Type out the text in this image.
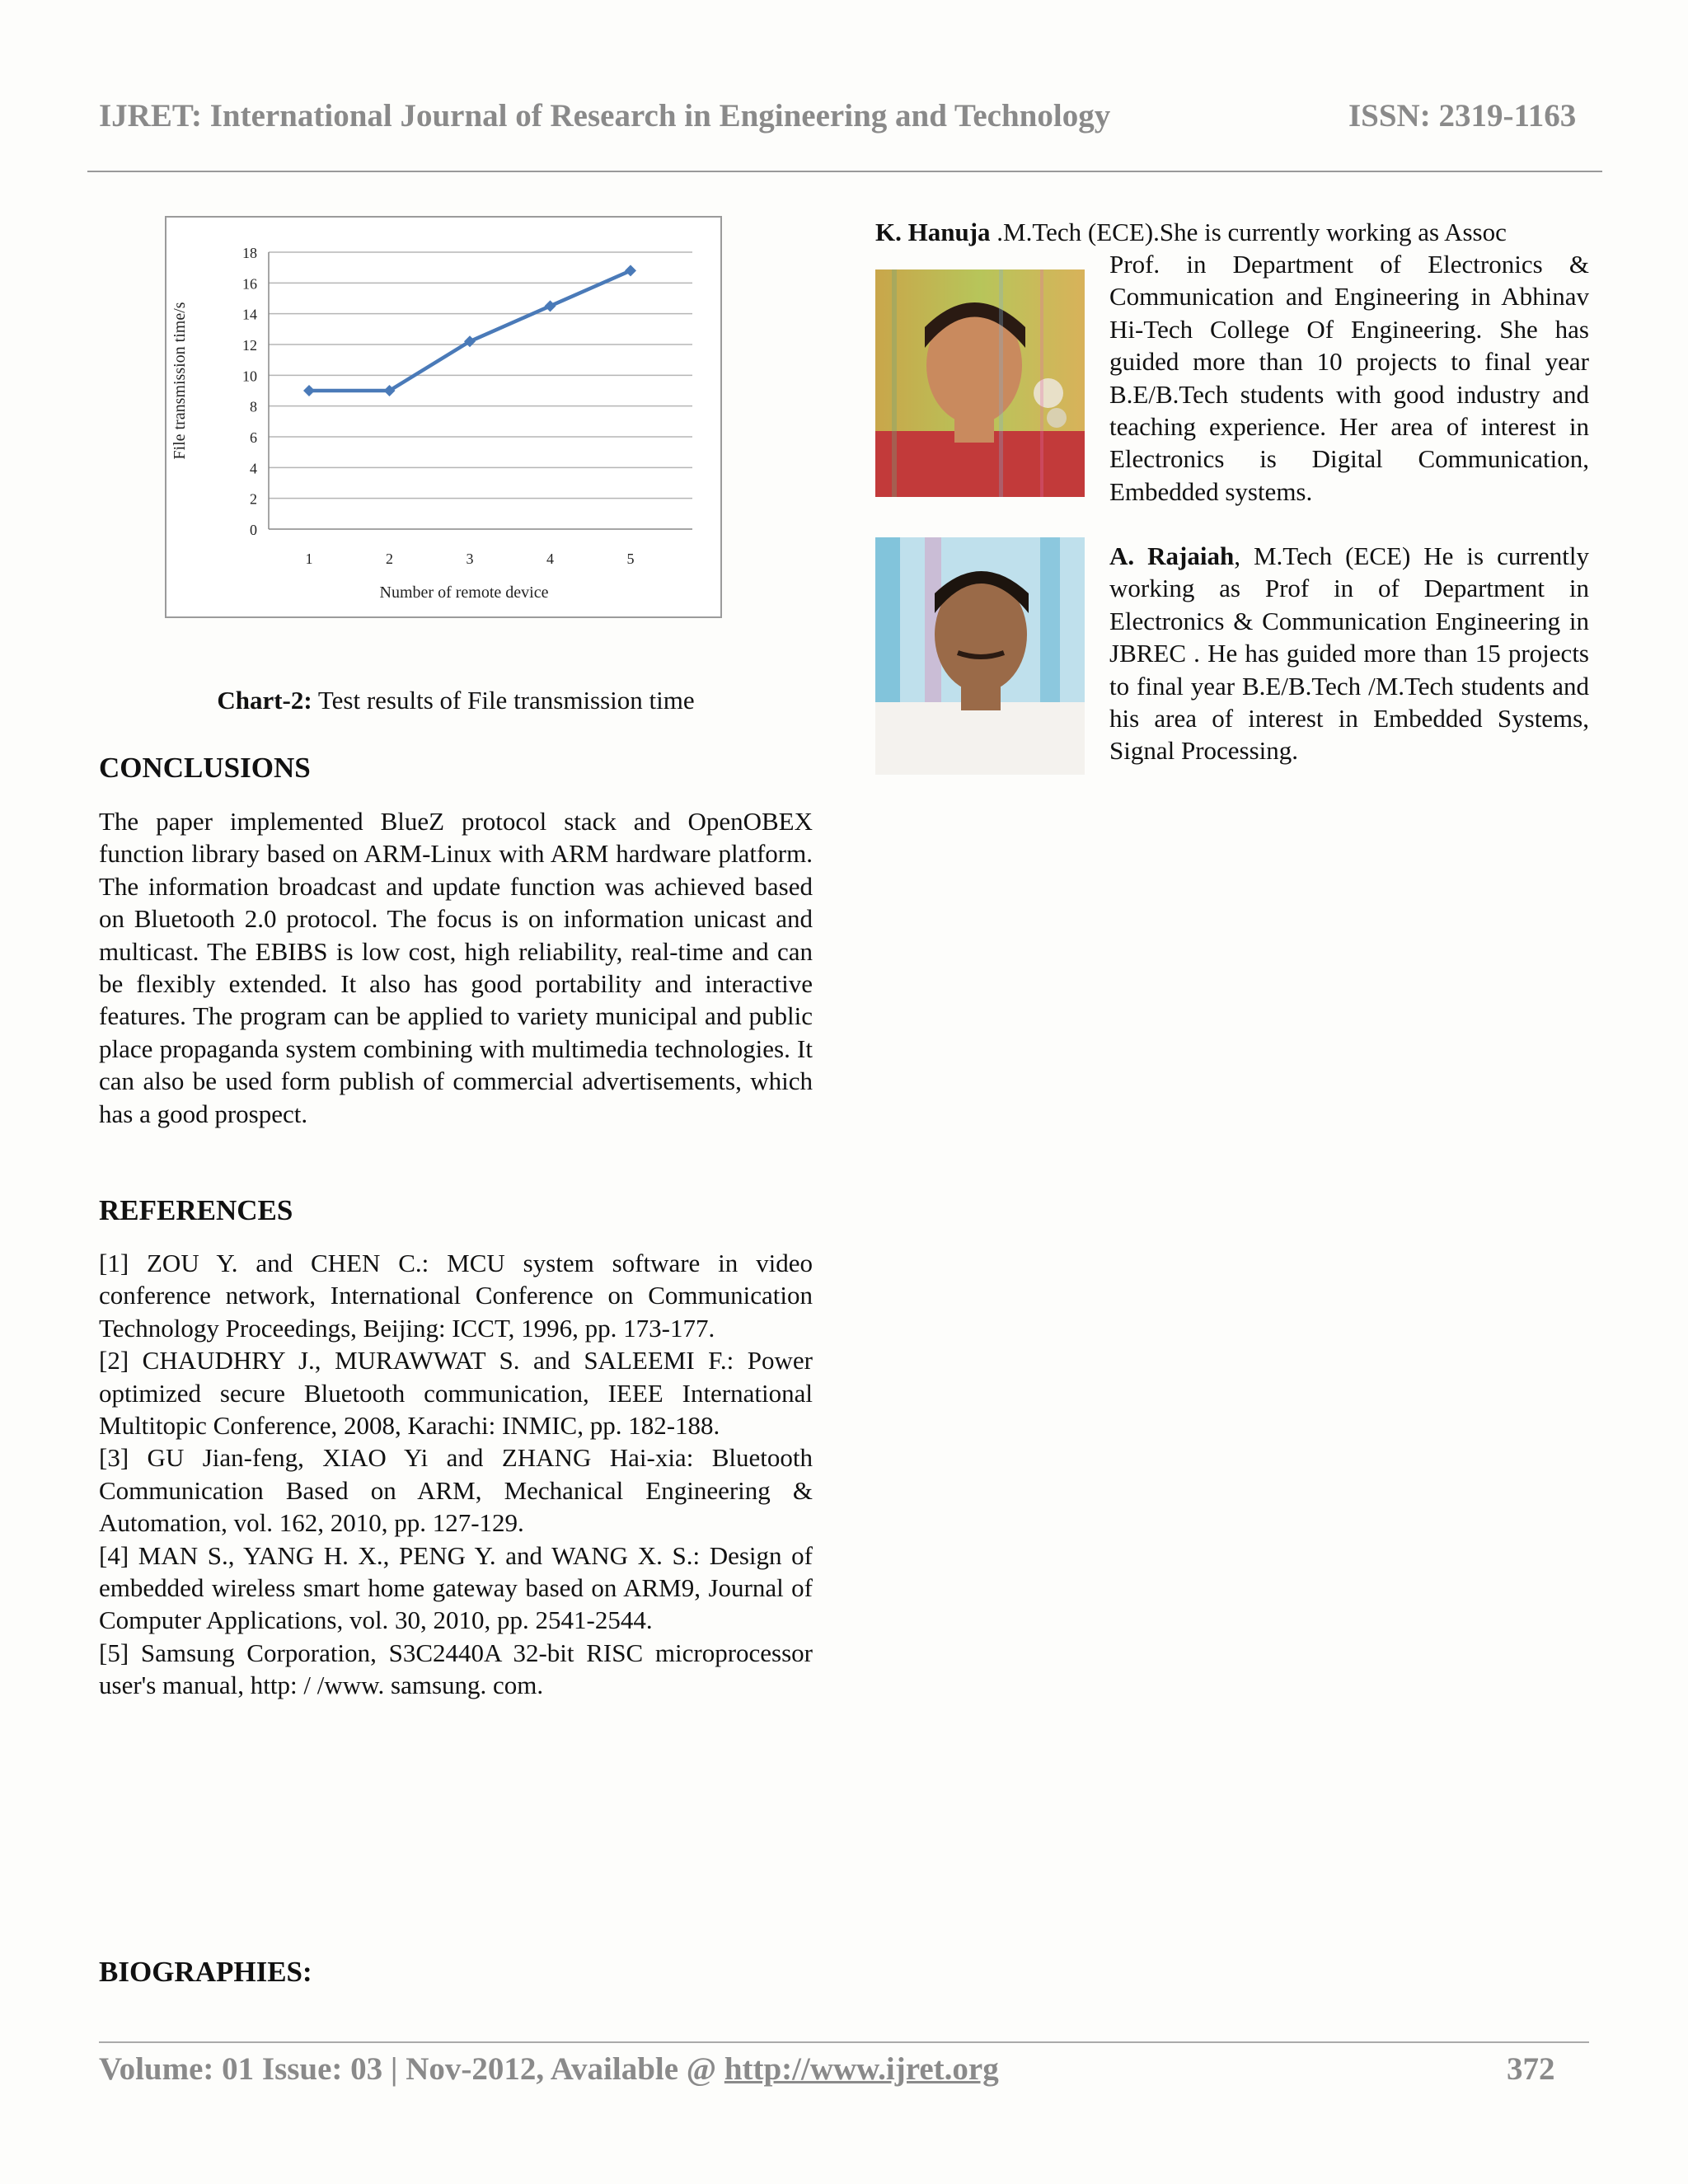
IJRET: International Journal of Research in Engineering and Technology	ISSN: 2319-1163
0
2
4
6
8
10
12
14
16
18
1	2	3	4	5
File transmission time/s
Number of remote device
Chart-2: Test results of File transmission time
CONCLUSIONS

The paper implemented BlueZ protocol stack and OpenOBEX function library based on ARM-Linux with ARM hardware platform. The information broadcast and update function was achieved based on Bluetooth 2.0 protocol. The focus is on information unicast and multicast. The EBIBS is low cost, high reliability, real-time and can be flexibly extended. It also has good portability and interactive features. The program can be applied to variety municipal and public place propaganda system combining with multimedia technologies. It can also be used form publish of commercial advertisements, which has a good prospect.

REFERENCES

[1] ZOU Y. and CHEN C.: MCU system software in video conference network, International Conference on Communication Technology Proceedings, Beijing: ICCT, 1996, pp. 173-177.

[2] CHAUDHRY J., MURAWWAT S. and SALEEMI F.: Power optimized secure Bluetooth communication, IEEE International Multitopic Conference, 2008, Karachi: INMIC, pp. 182-188.

[3] GU Jian-feng, XIAO Yi and ZHANG Hai-xia: Bluetooth Communication Based on ARM, Mechanical Engineering & Automation, vol. 162, 2010, pp. 127-129.

[4] MAN S., YANG H. X., PENG Y. and WANG X. S.: Design of embedded wireless smart home gateway based on ARM9, Journal of Computer Applications, vol. 30, 2010, pp. 2541-2544.

[5] Samsung Corporation, S3C2440A 32-bit RISC microprocessor user's manual, http: / /www. samsung. com.

BIOGRAPHIES:

K. Hanuja .M.Tech (ECE).She is currently working as Assoc

Prof. in Department of Electronics & Communication and Engineering in Abhinav Hi-Tech College Of Engineering. She has guided more than 10 projects to final year B.E/B.Tech students with good industry and teaching experience. Her area of interest in Electronics is Digital Communication, Embedded systems.

A. Rajaiah, M.Tech (ECE) He is currently working as Prof in of Department in Electronics & Communication Engineering in JBREC . He has guided more than 15 projects to final year B.E/B.Tech /M.Tech students and his area of interest in Embedded Systems, Signal Processing.

Volume: 01 Issue: 03 | Nov-2012, Available @ http://www.ijret.org	372
